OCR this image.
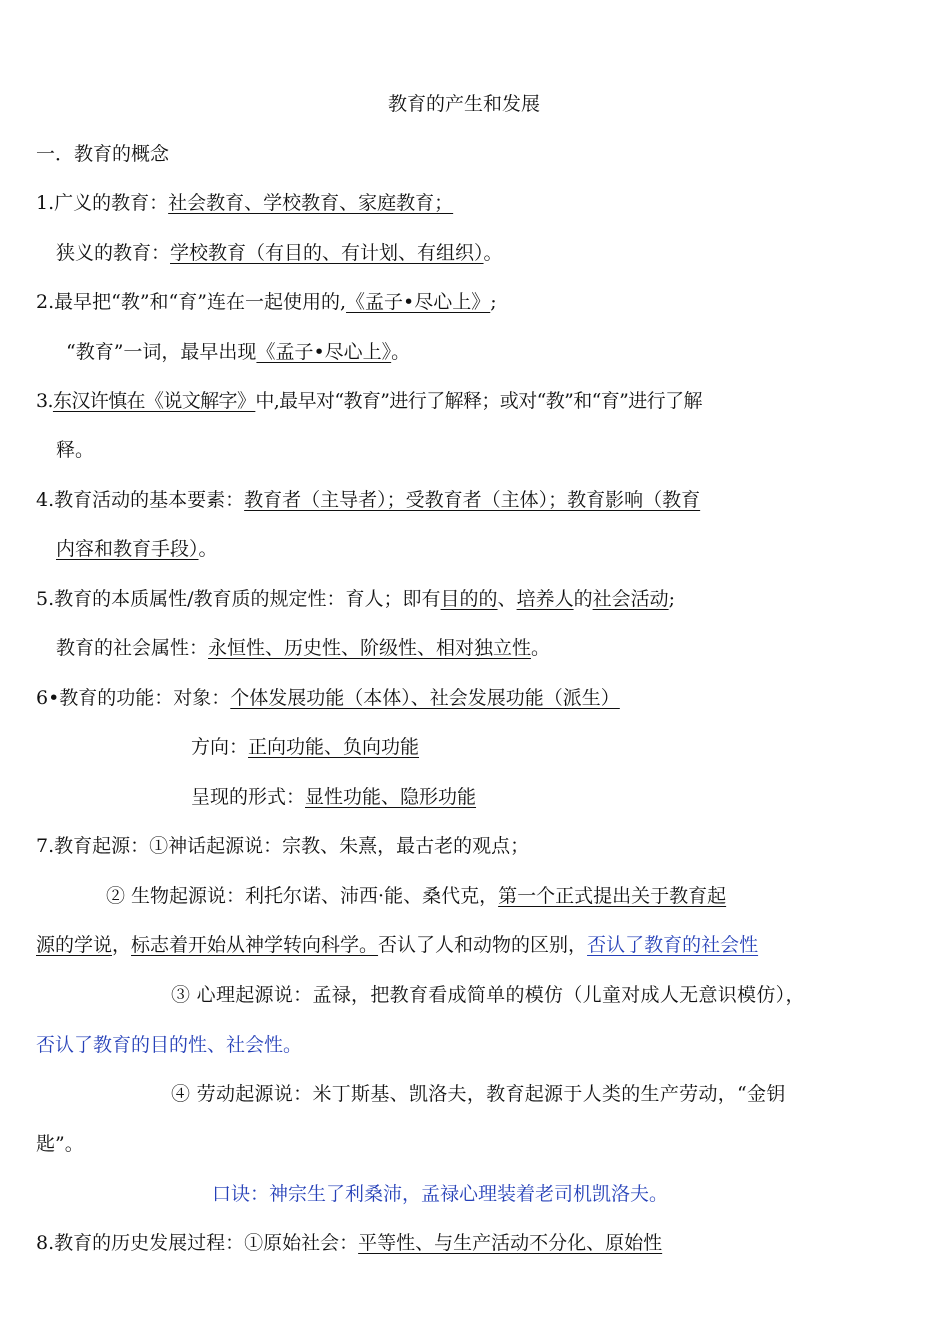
教育的产生和发展
一．教育的概念
1.广义的教育：社会教育、学校教育、家庭教育；
狭义的教育：学校教育（有目的、有计划、有组织）。
2.最早把“教”和“育”连在一起使用的,《孟子•尽心上》;
“教育”一词，最早出现《孟子•尽心上》。
3.东汉许慎在《说文解字》中,最早对“教育”进行了解释；或对“教”和“育”进行了解
释。
4.教育活动的基本要素：教育者（主导者）；受教育者（主体）；教育影响（教育
内容和教育手段）。
5.教育的本质属性/教育质的规定性：育人；即有目的的、培养人的社会活动;
教育的社会属性：永恒性、历史性、阶级性、相对独立性。
6•教育的功能：对象：个体发展功能（本体）、社会发展功能（派生）
方向：正向功能、负向功能
呈现的形式：显性功能、隐形功能
7.教育起源：①神话起源说：宗教、朱熹，最古老的观点；
② 生物起源说：利托尔诺、沛西·能、桑代克，第一个正式提出关于教育起
源的学说，标志着开始从神学转向科学。否认了人和动物的区别，否认了教育的社会性
③ 心理起源说：孟禄，把教育看成简单的模仿（儿童对成人无意识模仿），
否认了教育的目的性、社会性。
④ 劳动起源说：米丁斯基、凯洛夫，教育起源于人类的生产劳动，“金钥
匙”。
口诀：神宗生了利桑沛，孟禄心理装着老司机凯洛夫。
8.教育的历史发展过程：①原始社会：平等性、与生产活动不分化、原始性
